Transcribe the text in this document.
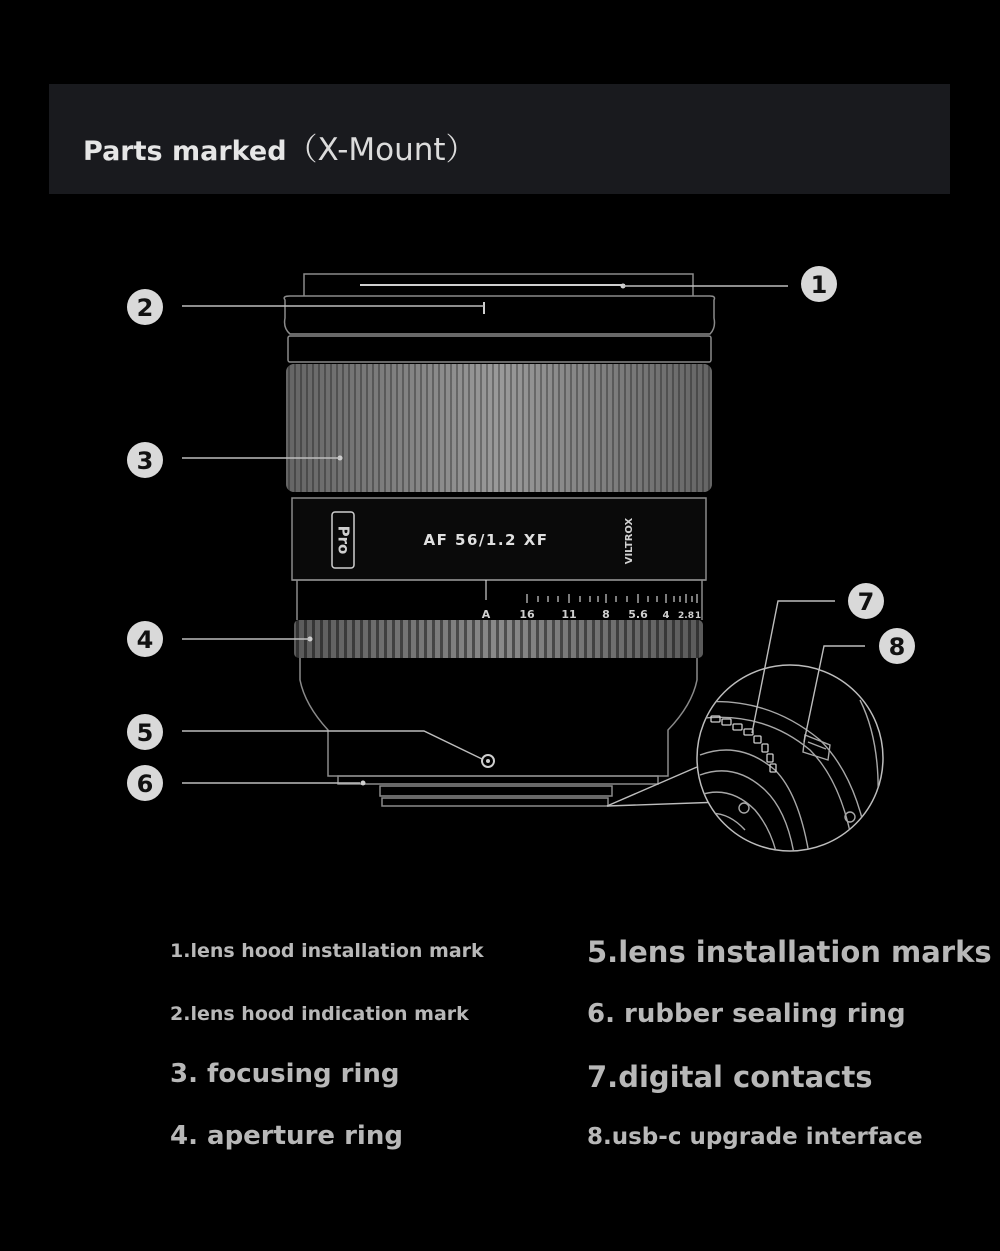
Parts marked（X-Mount）
Pro	AF 56/1.2 XF	VILTROX
A	16 11 8 5.6 4 2.8 1
1
2
3
4
5
6
7
8
1.lens hood installation mark
2.lens hood indication mark
3. focusing ring
4. aperture ring
5.lens installation marks
6. rubber sealing ring
7.digital contacts
8.usb-c upgrade interface
